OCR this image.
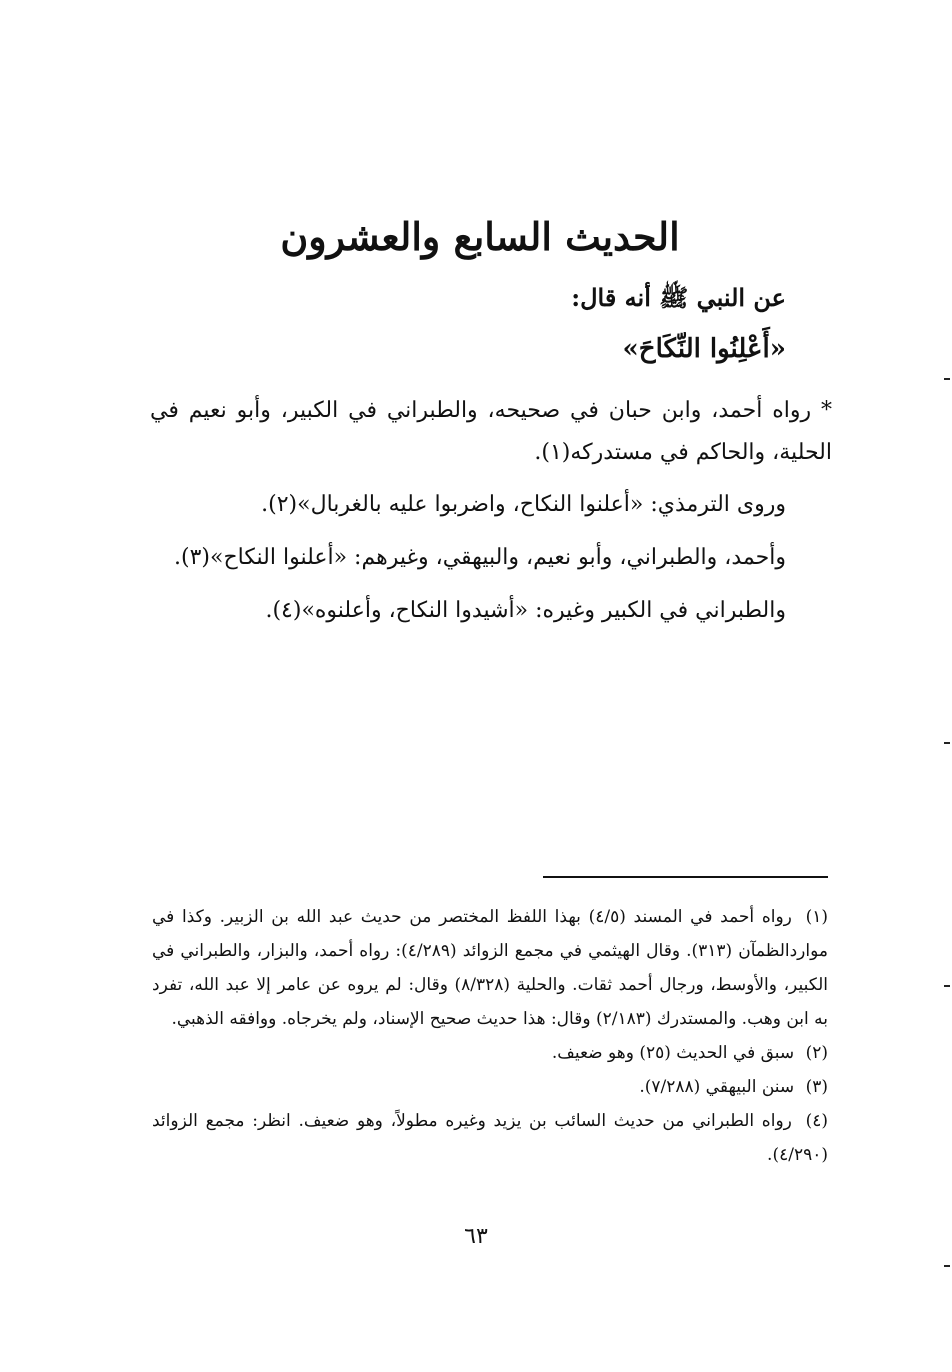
الحديث السابع والعشرون
عن النبي ﷺ أنه قال:
«أَعْلِنُوا النِّكَاحَ»
* رواه أحمد، وابن حبان في صحيحه، والطبراني في الكبير، وأبو نعيم في الحلية، والحاكم في مستدركه(١).
وروى الترمذي: «أعلنوا النكاح، واضربوا عليه بالغربال»(٢).
وأحمد، والطبراني، وأبو نعيم، والبيهقي، وغيرهم: «أعلنوا النكاح»(٣).
والطبراني في الكبير وغيره: «أشيدوا النكاح، وأعلنوه»(٤).
(١) رواه أحمد في المسند (٤/٥) بهذا اللفظ المختصر من حديث عبد الله بن الزبير. وكذا في مواردالظمآن (٣١٣). وقال الهيثمي في مجمع الزوائد (٤/٢٨٩): رواه أحمد، والبزار، والطبراني في الكبير، والأوسط، ورجال أحمد ثقات. والحلية (٨/٣٢٨) وقال: لم يروه عن عامر إلا عبد الله، تفرد به ابن وهب. والمستدرك (٢/١٨٣) وقال: هذا حديث صحيح الإسناد، ولم يخرجاه. ووافقه الذهبي.
(٢) سبق في الحديث (٢٥) وهو ضعيف.
(٣) سنن البيهقي (٧/٢٨٨).
(٤) رواه الطبراني من حديث السائب بن يزيد وغيره مطولاً، وهو ضعيف. انظر: مجمع الزوائد (٤/٢٩٠).
٦٣
